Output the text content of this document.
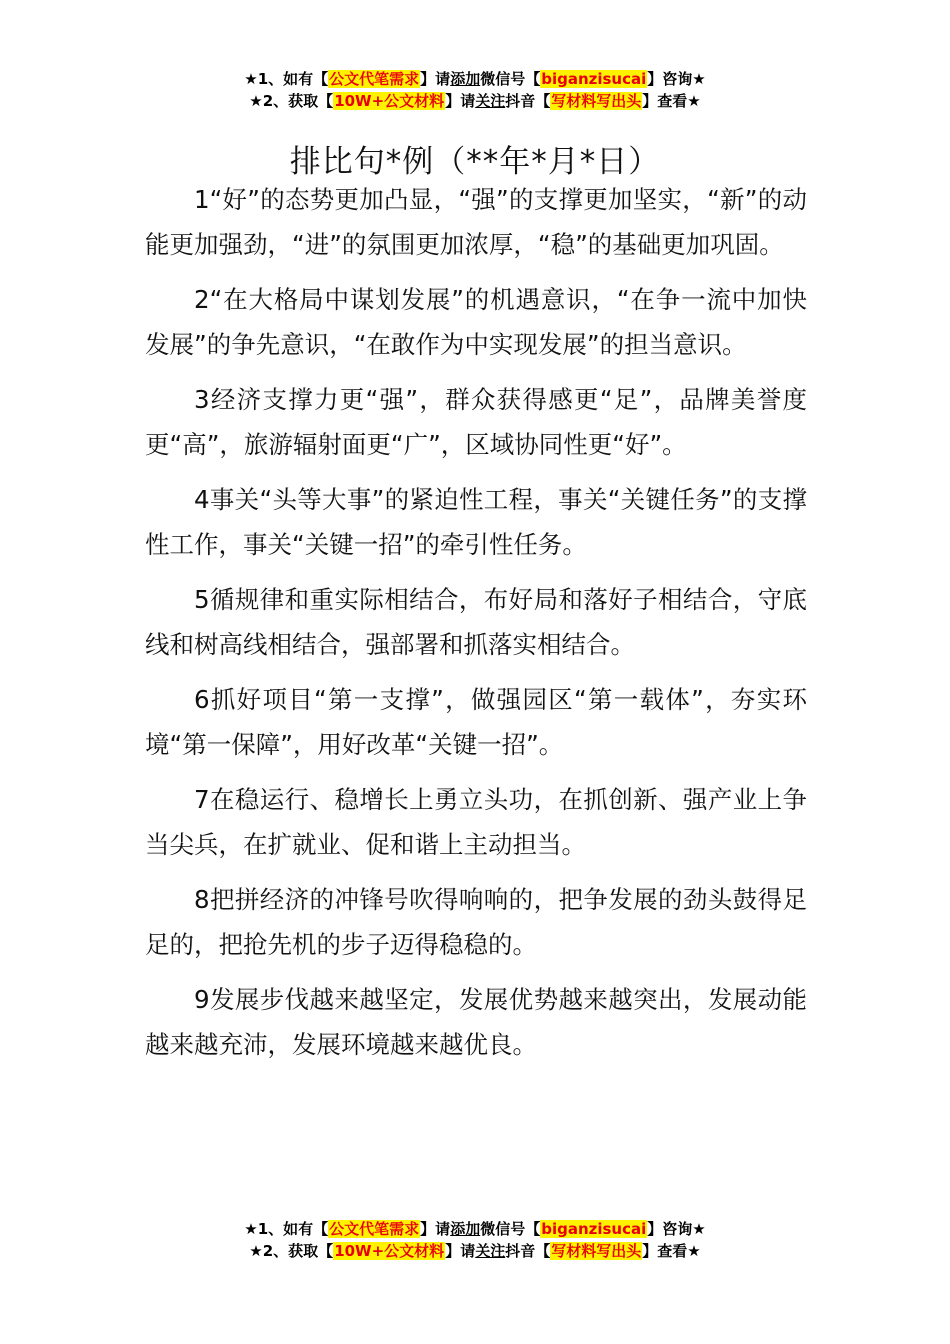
★1、如有【公文代笔需求】请添加微信号【biganzisucai】咨询★
★2、获取【10W+公文材料】请关注抖音【写材料写出头】查看★
排比句*例（**年*月*日）

1“好”的态势更加凸显，“强”的支撑更加坚实，“新”的动能更加强劲，“进”的氛围更加浓厚，“稳”的基础更加巩固。

2“在大格局中谋划发展”的机遇意识，“在争一流中加快发展”的争先意识，“在敢作为中实现发展”的担当意识。

3经济支撑力更“强”，群众获得感更“足”，品牌美誉度更“高”，旅游辐射面更“广”，区域协同性更“好”。

4事关“头等大事”的紧迫性工程，事关“关键任务”的支撑性工作，事关“关键一招”的牵引性任务。

5循规律和重实际相结合，布好局和落好子相结合，守底线和树高线相结合，强部署和抓落实相结合。

6抓好项目“第一支撑”，做强园区“第一载体”，夯实环境“第一保障”，用好改革“关键一招”。

7在稳运行、稳增长上勇立头功，在抓创新、强产业上争当尖兵，在扩就业、促和谐上主动担当。

8把拼经济的冲锋号吹得响响的，把争发展的劲头鼓得足足的，把抢先机的步子迈得稳稳的。

9发展步伐越来越坚定，发展优势越来越突出，发展动能越来越充沛，发展环境越来越优良。

★1、如有【公文代笔需求】请添加微信号【biganzisucai】咨询★
★2、获取【10W+公文材料】请关注抖音【写材料写出头】查看★
